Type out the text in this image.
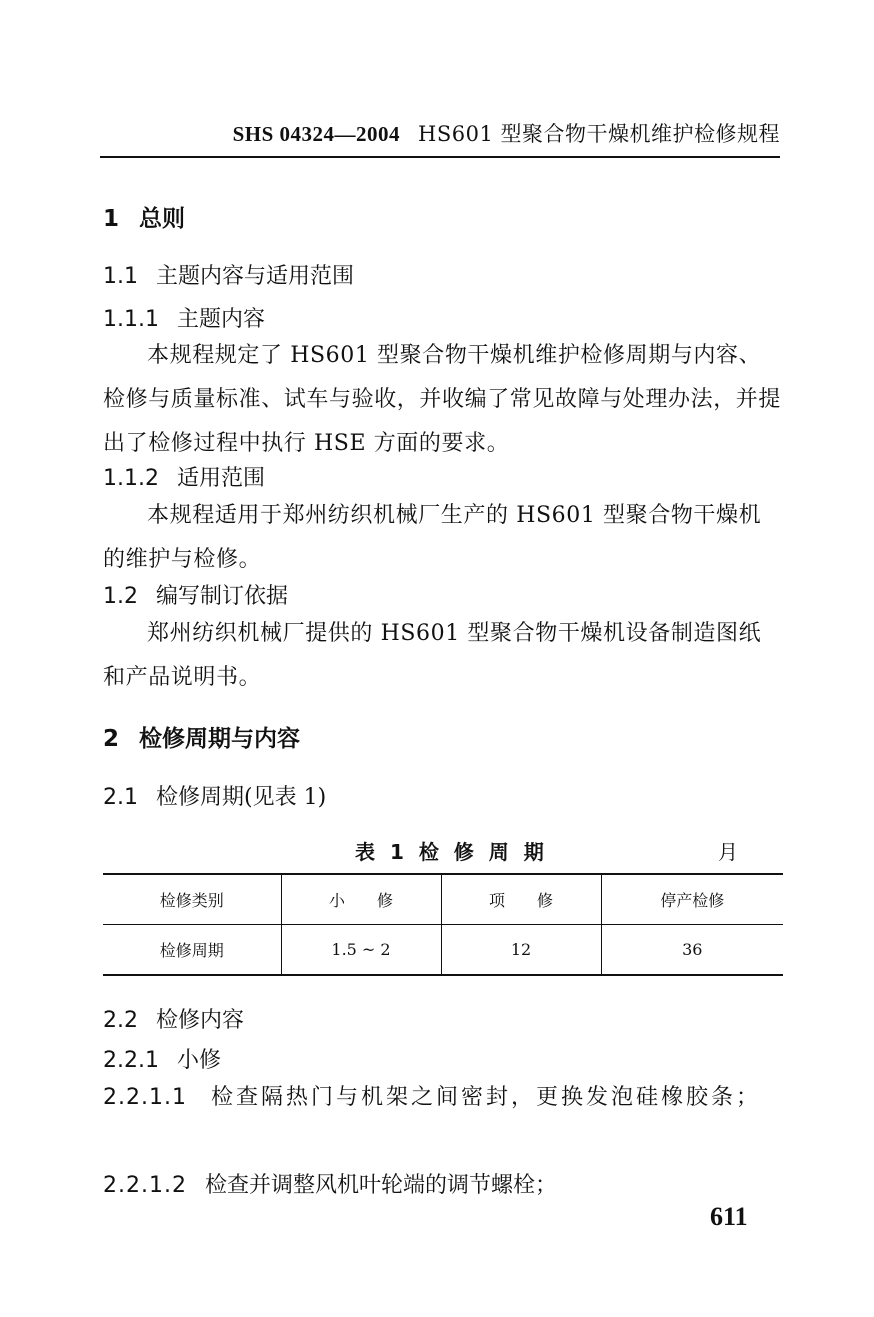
SHS 04324—2004 HS601 型聚合物干燥机维护检修规程
1 总则
1.1 主题内容与适用范围
1.1.1 主题内容
本规程规定了 HS601 型聚合物干燥机维护检修周期与内容、检修与质量标准、试车与验收，并收编了常见故障与处理办法，并提出了检修过程中执行 HSE 方面的要求。
1.1.2 适用范围
本规程适用于郑州纺织机械厂生产的 HS601 型聚合物干燥机的维护与检修。
1.2 编写制订依据
郑州纺织机械厂提供的 HS601 型聚合物干燥机设备制造图纸和产品说明书。
2 检修周期与内容
2.1 检修周期(见表 1)
表 1 检 修 周 期	月
检修类别	小　　修	项　　修	停产检修
检修周期	1.5 ~ 2	12	36
2.2 检修内容
2.2.1 小修
2.2.1.1 检查隔热门与机架之间密封，更换发泡硅橡胶条；
2.2.1.2 检查并调整风机叶轮端的调节螺栓；
611
